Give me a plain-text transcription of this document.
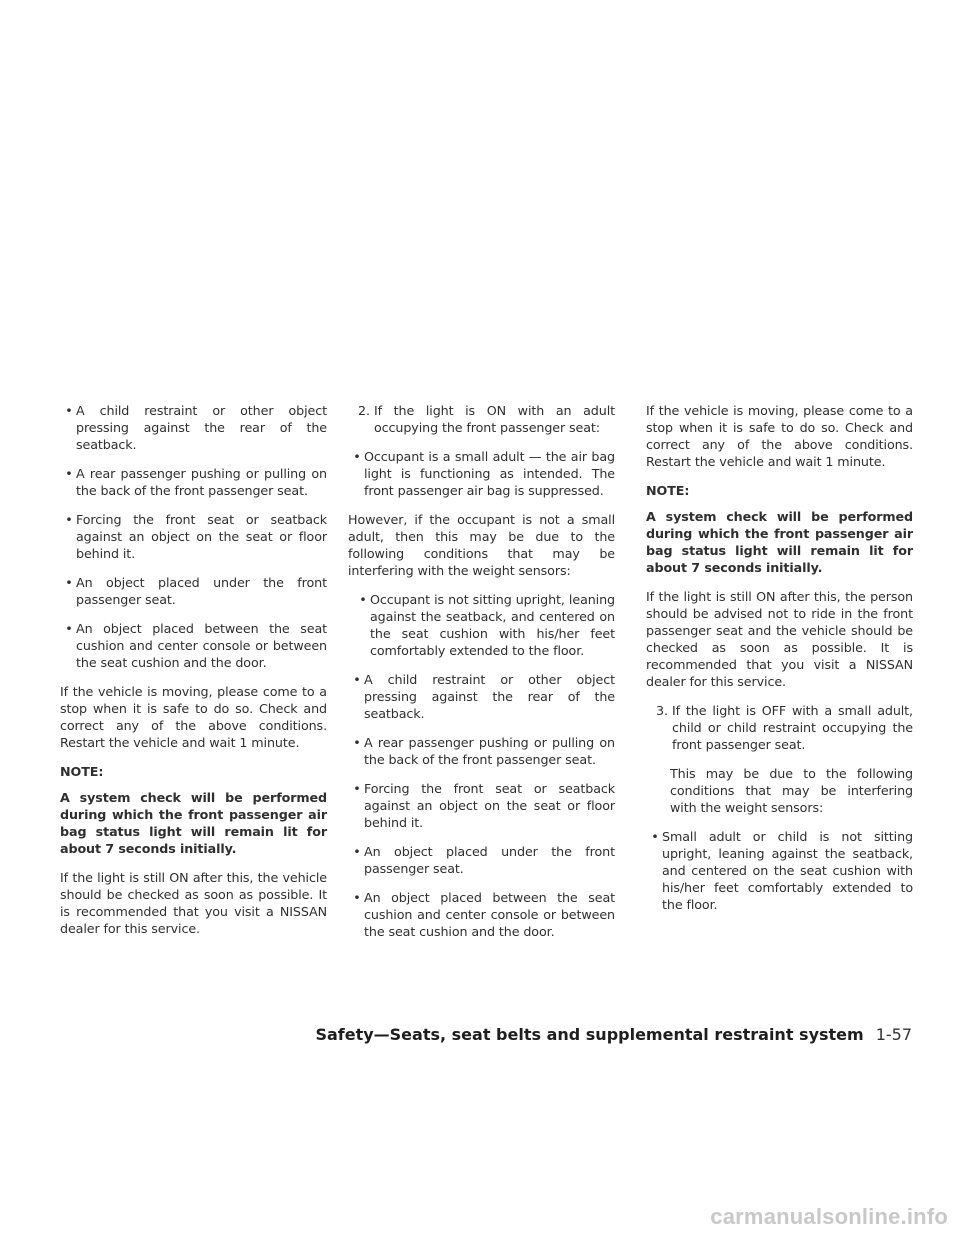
• A child restraint or other object pressing against the rear of the seatback.
• A rear passenger pushing or pulling on the back of the front passenger seat.
• Forcing the front seat or seatback against an object on the seat or floor behind it.
• An object placed under the front passenger seat.
• An object placed between the seat cushion and center console or between the seat cushion and the door.

If the vehicle is moving, please come to a stop when it is safe to do so. Check and correct any of the above conditions. Restart the vehicle and wait 1 minute.

NOTE:

A system check will be performed during which the front passenger air bag status light will remain lit for about 7 seconds initially.

If the light is still ON after this, the vehicle should be checked as soon as possible. It is recommended that you visit a NISSAN dealer for this service.

2. If the light is ON with an adult occupying the front passenger seat:
• Occupant is a small adult — the air bag light is functioning as intended. The front passenger air bag is suppressed.

However, if the occupant is not a small adult, then this may be due to the following conditions that may be interfering with the weight sensors:

• Occupant is not sitting upright, leaning against the seatback, and centered on the seat cushion with his/her feet comfortably extended to the floor.
• A child restraint or other object pressing against the rear of the seatback.
• A rear passenger pushing or pulling on the back of the front passenger seat.
• Forcing the front seat or seatback against an object on the seat or floor behind it.
• An object placed under the front passenger seat.
• An object placed between the seat cushion and center console or between the seat cushion and the door.

If the vehicle is moving, please come to a stop when it is safe to do so. Check and correct any of the above conditions. Restart the vehicle and wait 1 minute.

NOTE:

A system check will be performed during which the front passenger air bag status light will remain lit for about 7 seconds initially.

If the light is still ON after this, the person should be advised not to ride in the front passenger seat and the vehicle should be checked as soon as possible. It is recommended that you visit a NISSAN dealer for this service.

3. If the light is OFF with a small adult, child or child restraint occupying the front passenger seat.

This may be due to the following conditions that may be interfering with the weight sensors:

• Small adult or child is not sitting upright, leaning against the seatback, and centered on the seat cushion with his/her feet comfortably extended to the floor.
Safety—Seats, seat belts and supplemental restraint system 1-57
carmanualsonline.info
